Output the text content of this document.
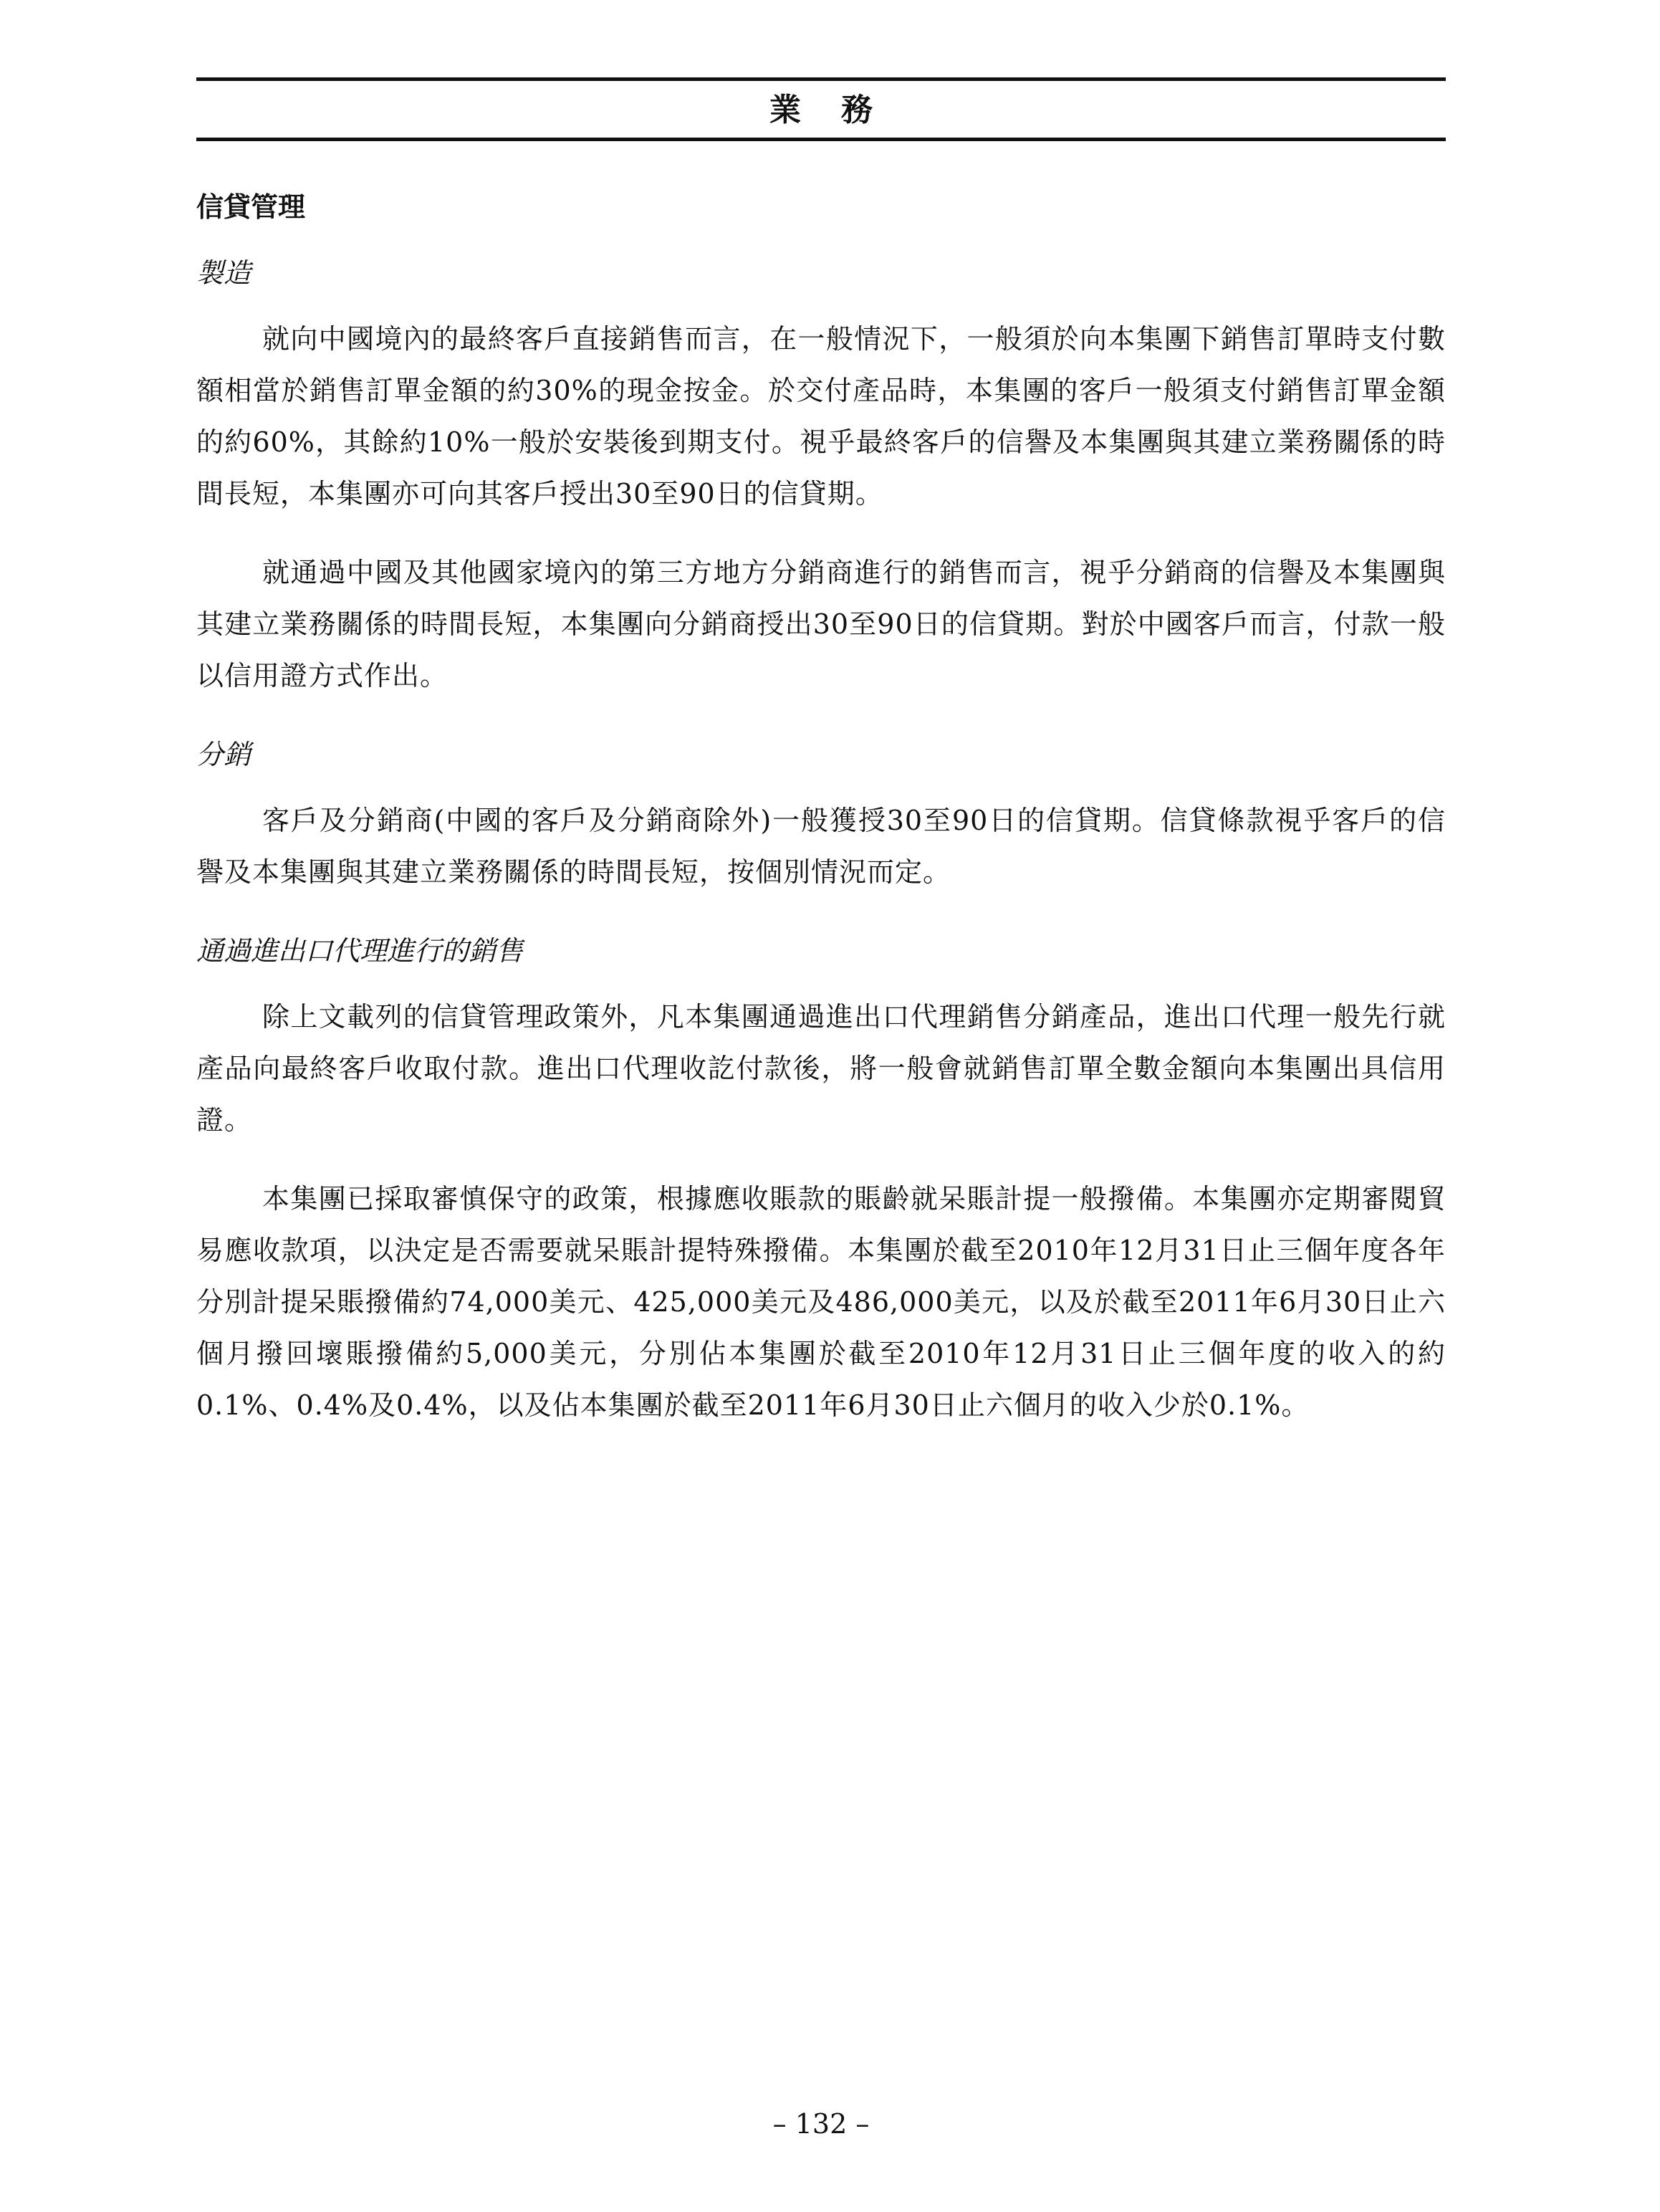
業務
信貸管理
製造

就向中國境內的最終客戶直接銷售而言，在一般情況下，一般須於向本集團下銷售訂單時支付數額相當於銷售訂單金額的約30%的現金按金。於交付產品時，本集團的客戶一般須支付銷售訂單金額的約60%，其餘約10%一般於安裝後到期支付。視乎最終客戶的信譽及本集團與其建立業務關係的時間長短，本集團亦可向其客戶授出30至90日的信貸期。

就通過中國及其他國家境內的第三方地方分銷商進行的銷售而言，視乎分銷商的信譽及本集團與其建立業務關係的時間長短，本集團向分銷商授出30至90日的信貸期。對於中國客戶而言，付款一般以信用證方式作出。

分銷

客戶及分銷商(中國的客戶及分銷商除外)一般獲授30至90日的信貸期。信貸條款視乎客戶的信譽及本集團與其建立業務關係的時間長短，按個別情況而定。

通過進出口代理進行的銷售

除上文載列的信貸管理政策外，凡本集團通過進出口代理銷售分銷產品，進出口代理一般先行就產品向最終客戶收取付款。進出口代理收訖付款後，將一般會就銷售訂單全數金額向本集團出具信用證。

本集團已採取審慎保守的政策，根據應收賬款的賬齡就呆賬計提一般撥備。本集團亦定期審閱貿易應收款項，以決定是否需要就呆賬計提特殊撥備。本集團於截至2010年12月31日止三個年度各年分別計提呆賬撥備約74,000美元、425,000美元及486,000美元，以及於截至2011年6月30日止六個月撥回壞賬撥備約5,000美元，分別佔本集團於截至2010年12月31日止三個年度的收入的約0.1%、0.4%及0.4%，以及佔本集團於截至2011年6月30日止六個月的收入少於0.1%。

– 132 –
